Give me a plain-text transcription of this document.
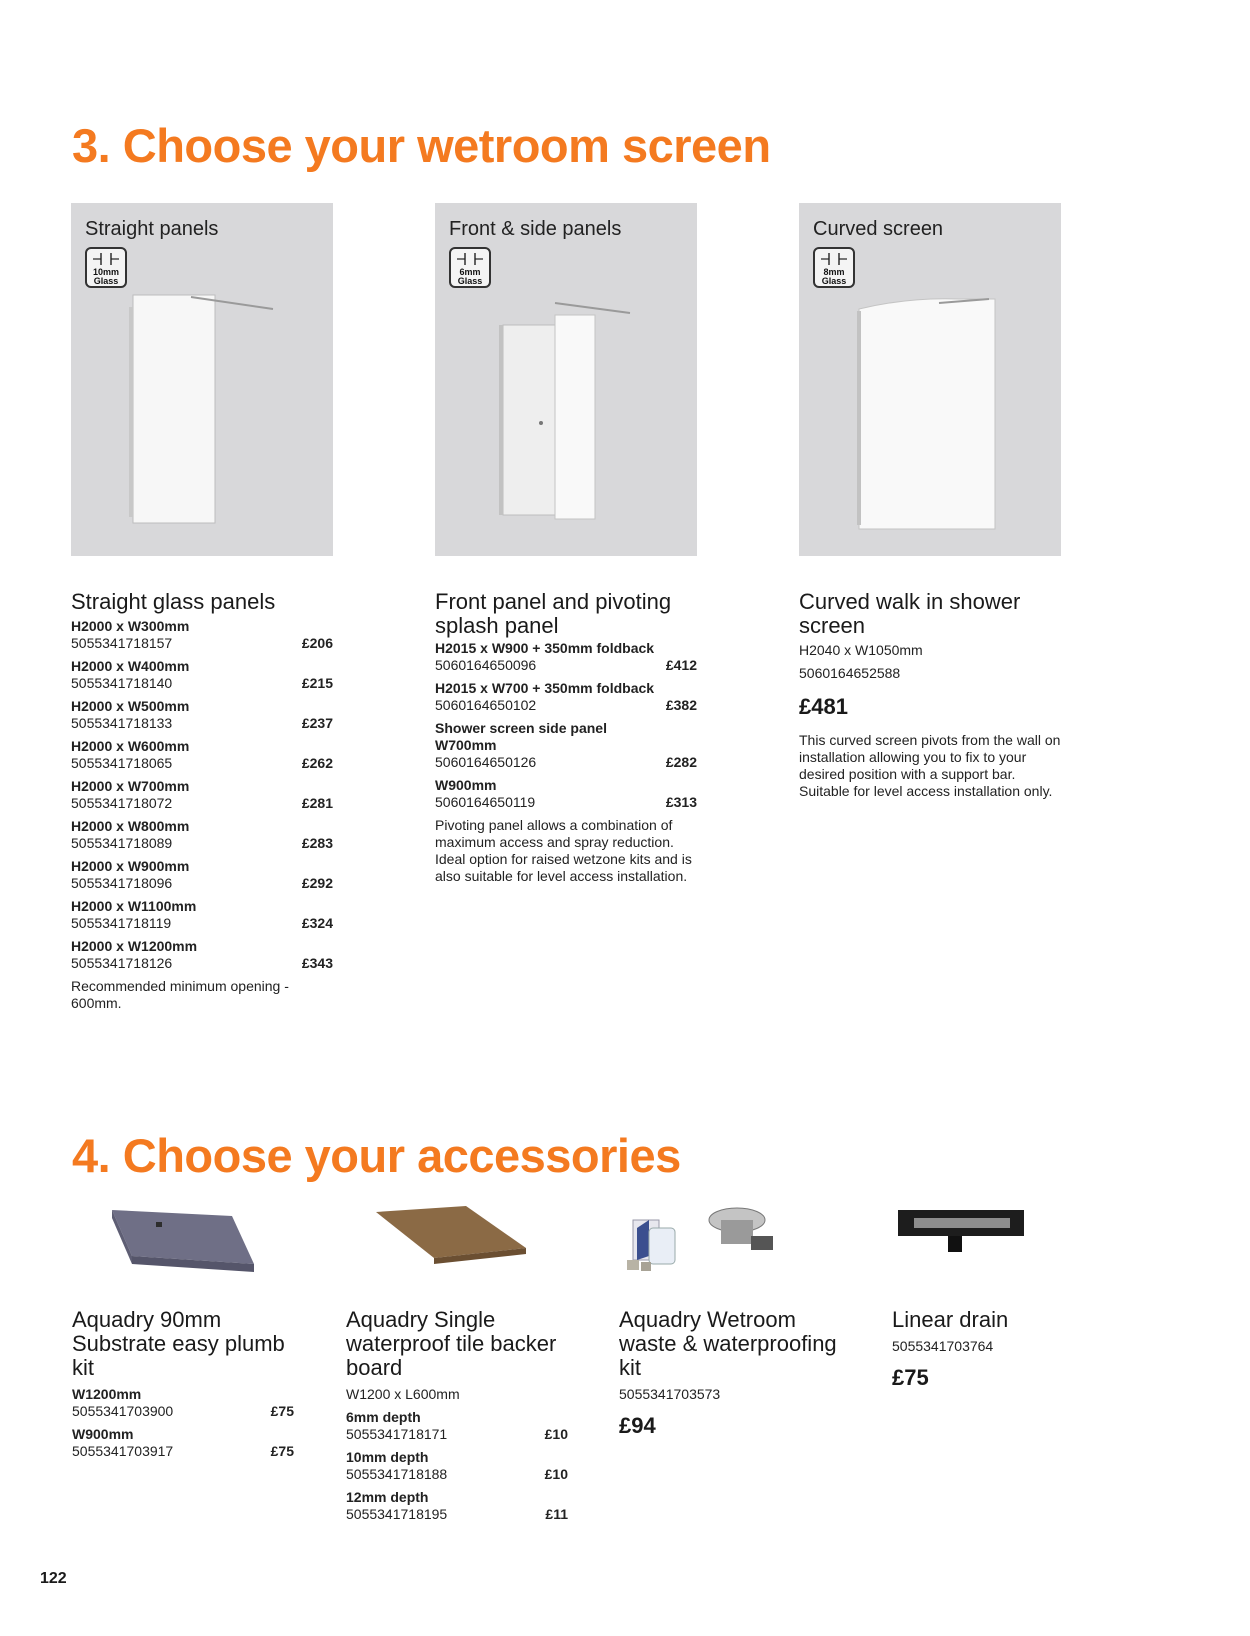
3. Choose your wetroom screen
Straight panels
10mm
Glass
Straight glass panels
H2000 x W300mm
5055341718157	£206
H2000 x W400mm
5055341718140	£215
H2000 x W500mm
5055341718133	£237
H2000 x W600mm
5055341718065	£262
H2000 x W700mm
5055341718072	£281
H2000 x W800mm
5055341718089	£283
H2000 x W900mm
5055341718096	£292
H2000 x W1100mm
5055341718119	£324
H2000 x W1200mm
5055341718126	£343
Recommended minimum opening - 600mm.
Front & side panels
6mm
Glass
Front panel and pivoting splash panel
H2015 x W900 + 350mm foldback
5060164650096	£412
H2015 x W700 + 350mm foldback
5060164650102	£382
Shower screen side panel
W700mm
5060164650126	£282
W900mm
5060164650119	£313
Pivoting panel allows a combination of maximum access and spray reduction. Ideal option for raised wetzone kits and is also suitable for level access installation.
Curved screen
8mm
Glass
Curved walk in shower screen
H2040 x W1050mm
5060164652588
£481
This curved screen pivots from the wall on installation allowing you to fix to your desired position with a support bar. Suitable for level access installation only.
4. Choose your accessories
Aquadry 90mm Substrate easy plumb kit
W1200mm
5055341703900	£75
W900mm
5055341703917	£75
Aquadry Single waterproof tile backer board
W1200 x L600mm
6mm depth
5055341718171	£10
10mm depth
5055341718188	£10
12mm depth
5055341718195	£11
Aquadry Wetroom waste & waterproofing kit
5055341703573
£94
Linear drain
5055341703764
£75
122
